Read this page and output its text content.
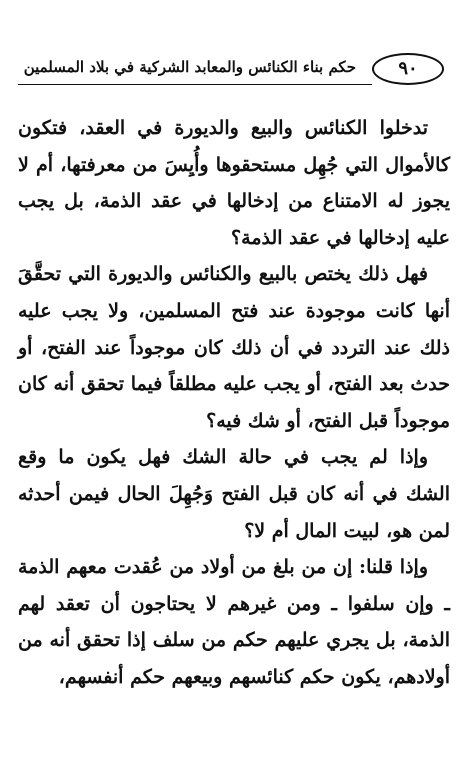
حكم بناء الكنائس والمعابد الشركية في بلاد المسلمين	٩٠

تدخلوا الكنائس والبيع والديورة في العقد، فتكون كالأموال التي جُهِل مستحقوها وأُيِسَ من معرفتها، أم لا يجوز له الامتناع من إدخالها في عقد الذمة، بل يجب عليه إدخالها في عقد الذمة؟

فهل ذلك يختص بالبيع والكنائس والديورة التي تحقَّقَ أنها كانت موجودة عند فتح المسلمين، ولا يجب عليه ذلك عند التردد في أن ذلك كان موجوداً عند الفتح، أو حدث بعد الفتح، أو يجب عليه مطلقاً فيما تحقق أنه كان موجوداً قبل الفتح، أو شك فيه؟

وإذا لم يجب في حالة الشك فهل يكون ما وقع الشك في أنه كان قبل الفتح وَجُهِلَ الحال فيمن أحدثه لمن هو، لبيت المال أم لا؟

وإذا قلنا: إن من بلغ من أولاد من عُقدت معهم الذمة ـ وإن سلفوا ـ ومن غيرهم لا يحتاجون أن تعقد لهم الذمة، بل يجري عليهم حكم من سلف إذا تحقق أنه من أولادهم، يكون حكم كنائسهم وبيعهم حكم أنفسهم،
